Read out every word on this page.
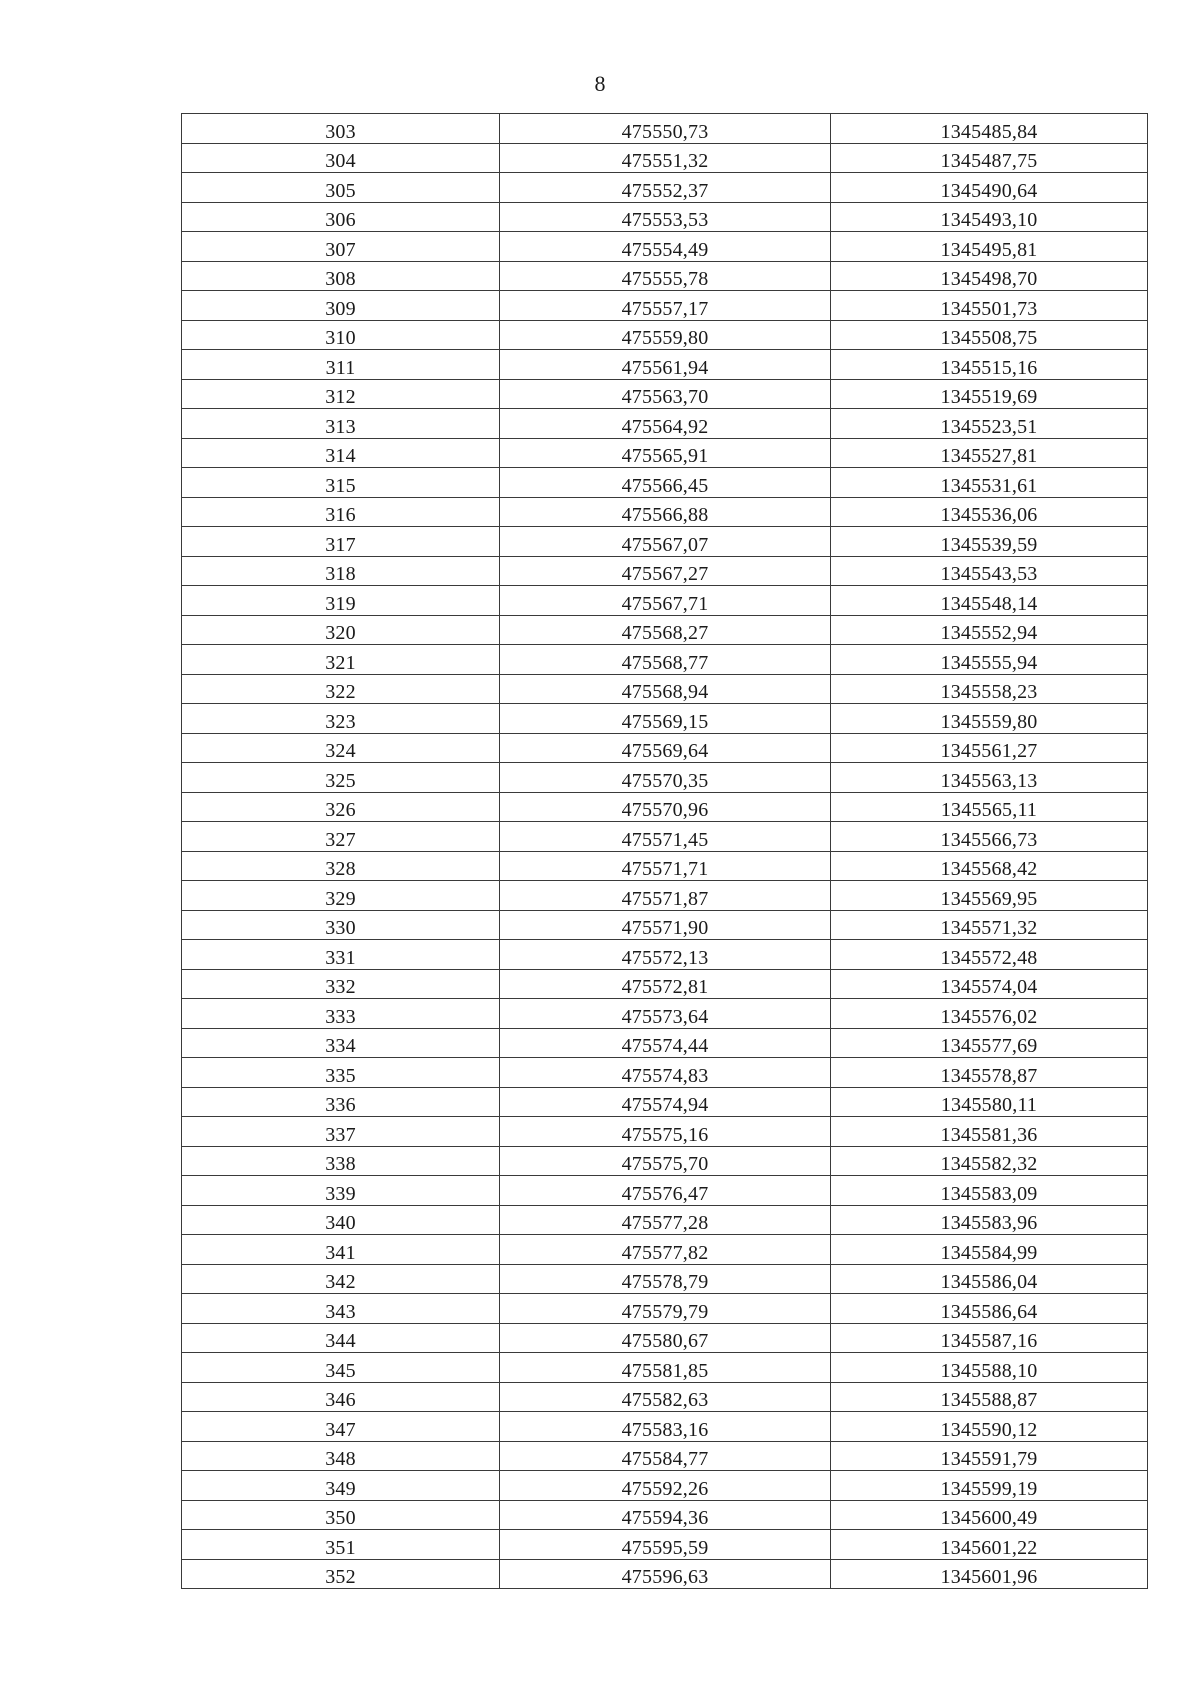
8
303	475550,73	1345485,84
304	475551,32	1345487,75
305	475552,37	1345490,64
306	475553,53	1345493,10
307	475554,49	1345495,81
308	475555,78	1345498,70
309	475557,17	1345501,73
310	475559,80	1345508,75
311	475561,94	1345515,16
312	475563,70	1345519,69
313	475564,92	1345523,51
314	475565,91	1345527,81
315	475566,45	1345531,61
316	475566,88	1345536,06
317	475567,07	1345539,59
318	475567,27	1345543,53
319	475567,71	1345548,14
320	475568,27	1345552,94
321	475568,77	1345555,94
322	475568,94	1345558,23
323	475569,15	1345559,80
324	475569,64	1345561,27
325	475570,35	1345563,13
326	475570,96	1345565,11
327	475571,45	1345566,73
328	475571,71	1345568,42
329	475571,87	1345569,95
330	475571,90	1345571,32
331	475572,13	1345572,48
332	475572,81	1345574,04
333	475573,64	1345576,02
334	475574,44	1345577,69
335	475574,83	1345578,87
336	475574,94	1345580,11
337	475575,16	1345581,36
338	475575,70	1345582,32
339	475576,47	1345583,09
340	475577,28	1345583,96
341	475577,82	1345584,99
342	475578,79	1345586,04
343	475579,79	1345586,64
344	475580,67	1345587,16
345	475581,85	1345588,10
346	475582,63	1345588,87
347	475583,16	1345590,12
348	475584,77	1345591,79
349	475592,26	1345599,19
350	475594,36	1345600,49
351	475595,59	1345601,22
352	475596,63	1345601,96
